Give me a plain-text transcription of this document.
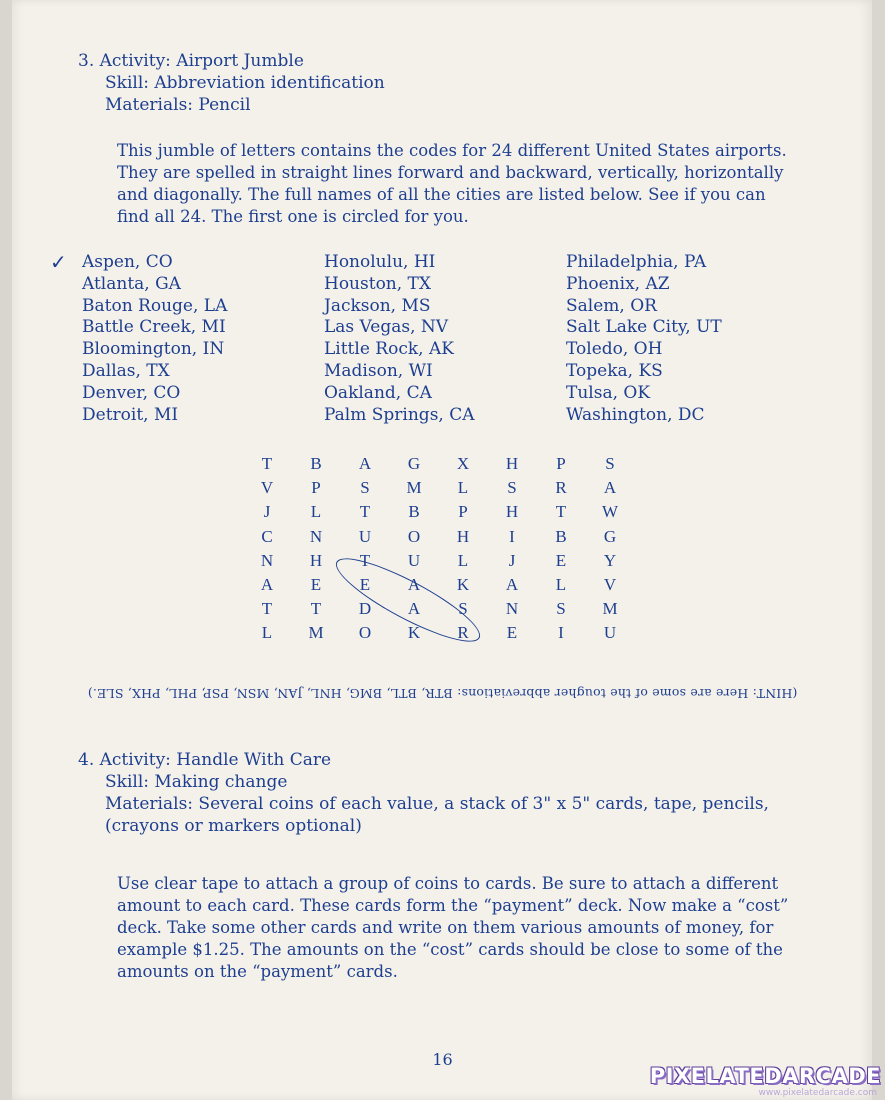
3. Activity: Airport Jumble
Skill: Abbreviation identification
Materials: Pencil
This jumble of letters contains the codes for 24 different United States airports.
They are spelled in straight lines forward and backward, vertically, horizontally
and diagonally. The full names of all the cities are listed below. See if you can
find all 24. The first one is circled for you.
✓ Aspen, CO
Atlanta, GA
Baton Rouge, LA
Battle Creek, MI
Bloomington, IN
Dallas, TX
Denver, CO
Detroit, MI
Honolulu, HI
Houston, TX
Jackson, MS
Las Vegas, NV
Little Rock, AK
Madison, WI
Oakland, CA
Palm Springs, CA
Philadelphia, PA
Phoenix, AZ
Salem, OR
Salt Lake City, UT
Toledo, OH
Topeka, KS
Tulsa, OK
Washington, DC
T	B	A	G	X	H	P	S
V	P	S	M	L	S	R	A
J	L	T	B	P	H	T	W
C	N	U	O	H	I	B	G
N	H	T	U	L	J	E	Y
A	E	E	A	K	A	L	V
T	T	D	A	S	N	S	M
L	M	O	K	R	E	I	U
(HINT: Here are some of the tougher abbreviations: BTR, BTL, BMG, HNL, JAN, MSN, PSP, PHL, PHX, SLE.)
4. Activity: Handle With Care
Skill: Making change
Materials: Several coins of each value, a stack of 3" x 5" cards, tape, pencils,
(crayons or markers optional)
Use clear tape to attach a group of coins to cards. Be sure to attach a different
amount to each card. These cards form the “payment” deck. Now make a “cost”
deck. Take some other cards and write on them various amounts of money, for
example $1.25. The amounts on the “cost” cards should be close to some of the
amounts on the “payment” cards.
16
PIXELATEDARCADE
www.pixelatedarcade.com
